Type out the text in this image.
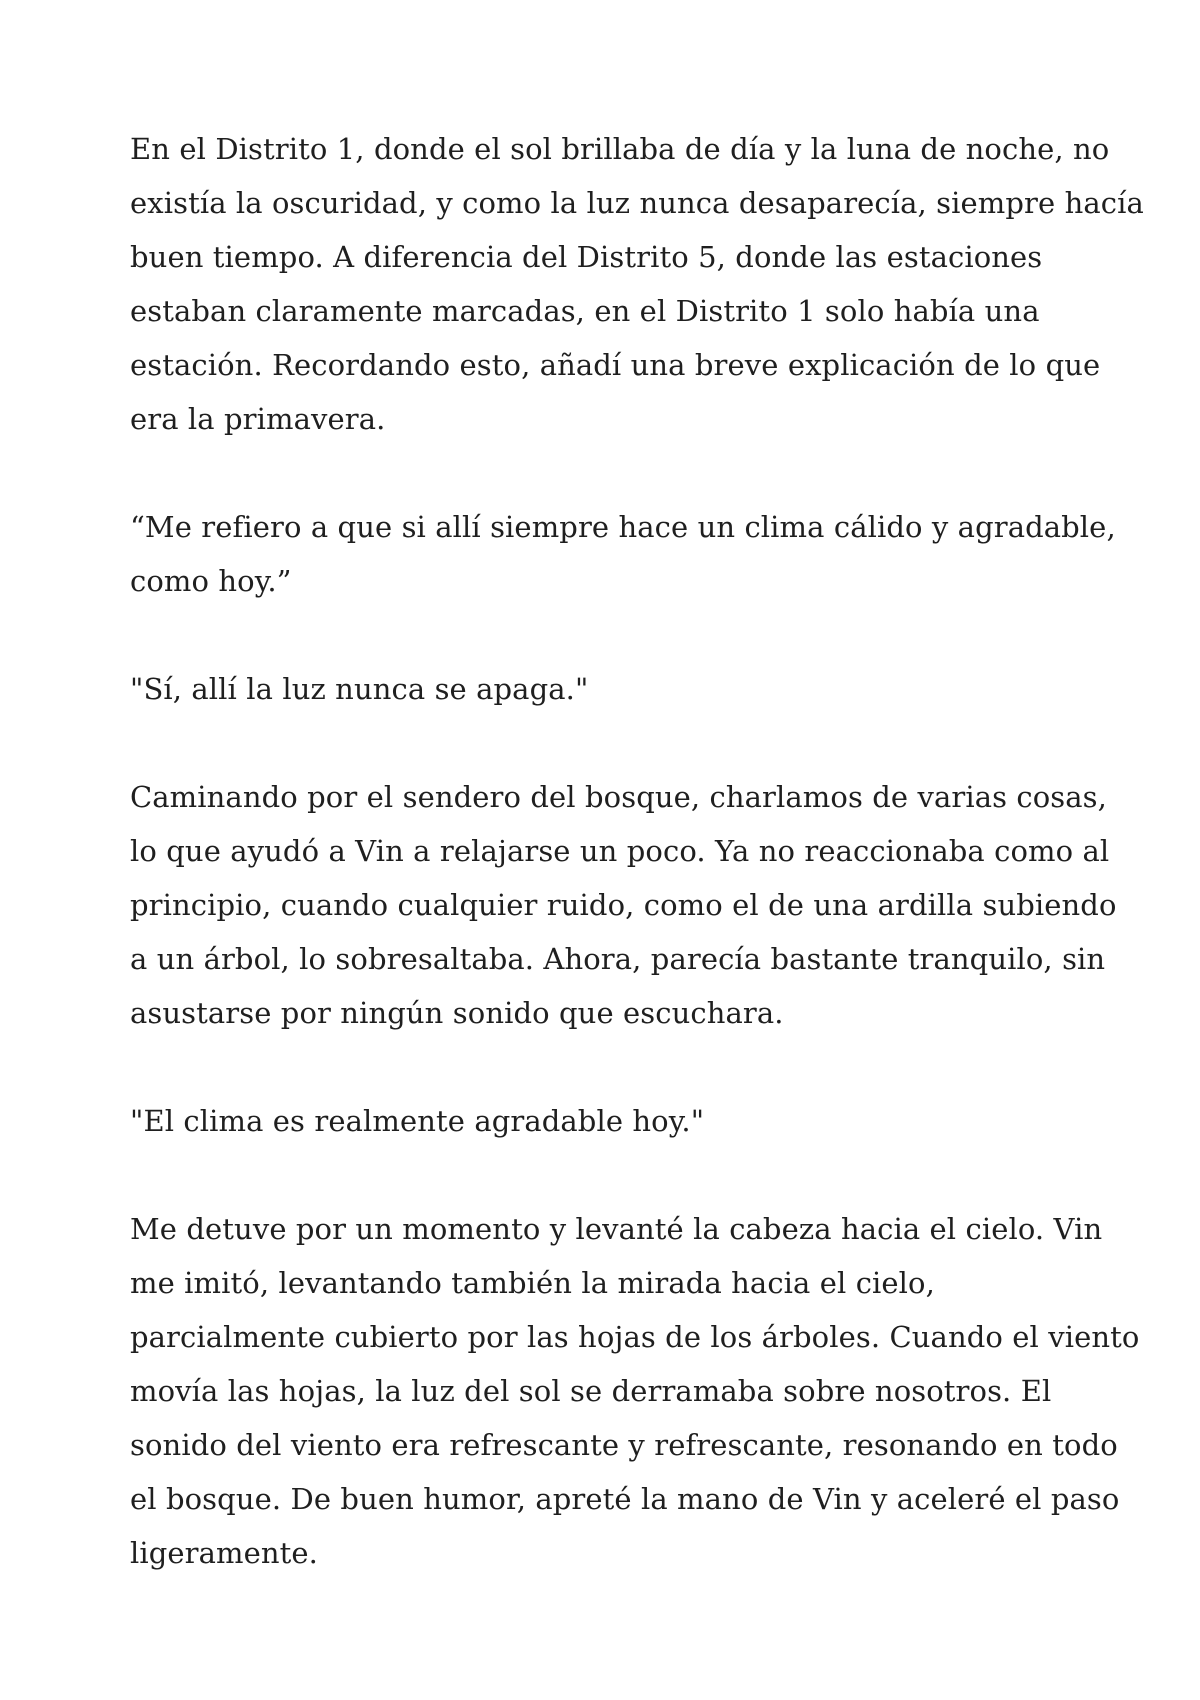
En el Distrito 1, donde el sol brillaba de día y la luna de noche, no
existía la oscuridad, y como la luz nunca desaparecía, siempre hacía
buen tiempo. A diferencia del Distrito 5, donde las estaciones
estaban claramente marcadas, en el Distrito 1 solo había una
estación. Recordando esto, añadí una breve explicación de lo que
era la primavera.

“Me refiero a que si allí siempre hace un clima cálido y agradable,
como hoy.”

"Sí, allí la luz nunca se apaga."

Caminando por el sendero del bosque, charlamos de varias cosas,
lo que ayudó a Vin a relajarse un poco. Ya no reaccionaba como al
principio, cuando cualquier ruido, como el de una ardilla subiendo
a un árbol, lo sobresaltaba. Ahora, parecía bastante tranquilo, sin
asustarse por ningún sonido que escuchara.

"El clima es realmente agradable hoy."

Me detuve por un momento y levanté la cabeza hacia el cielo. Vin
me imitó, levantando también la mirada hacia el cielo,
parcialmente cubierto por las hojas de los árboles. Cuando el viento
movía las hojas, la luz del sol se derramaba sobre nosotros. El
sonido del viento era refrescante y refrescante, resonando en todo
el bosque. De buen humor, apreté la mano de Vin y aceleré el paso
ligeramente.
